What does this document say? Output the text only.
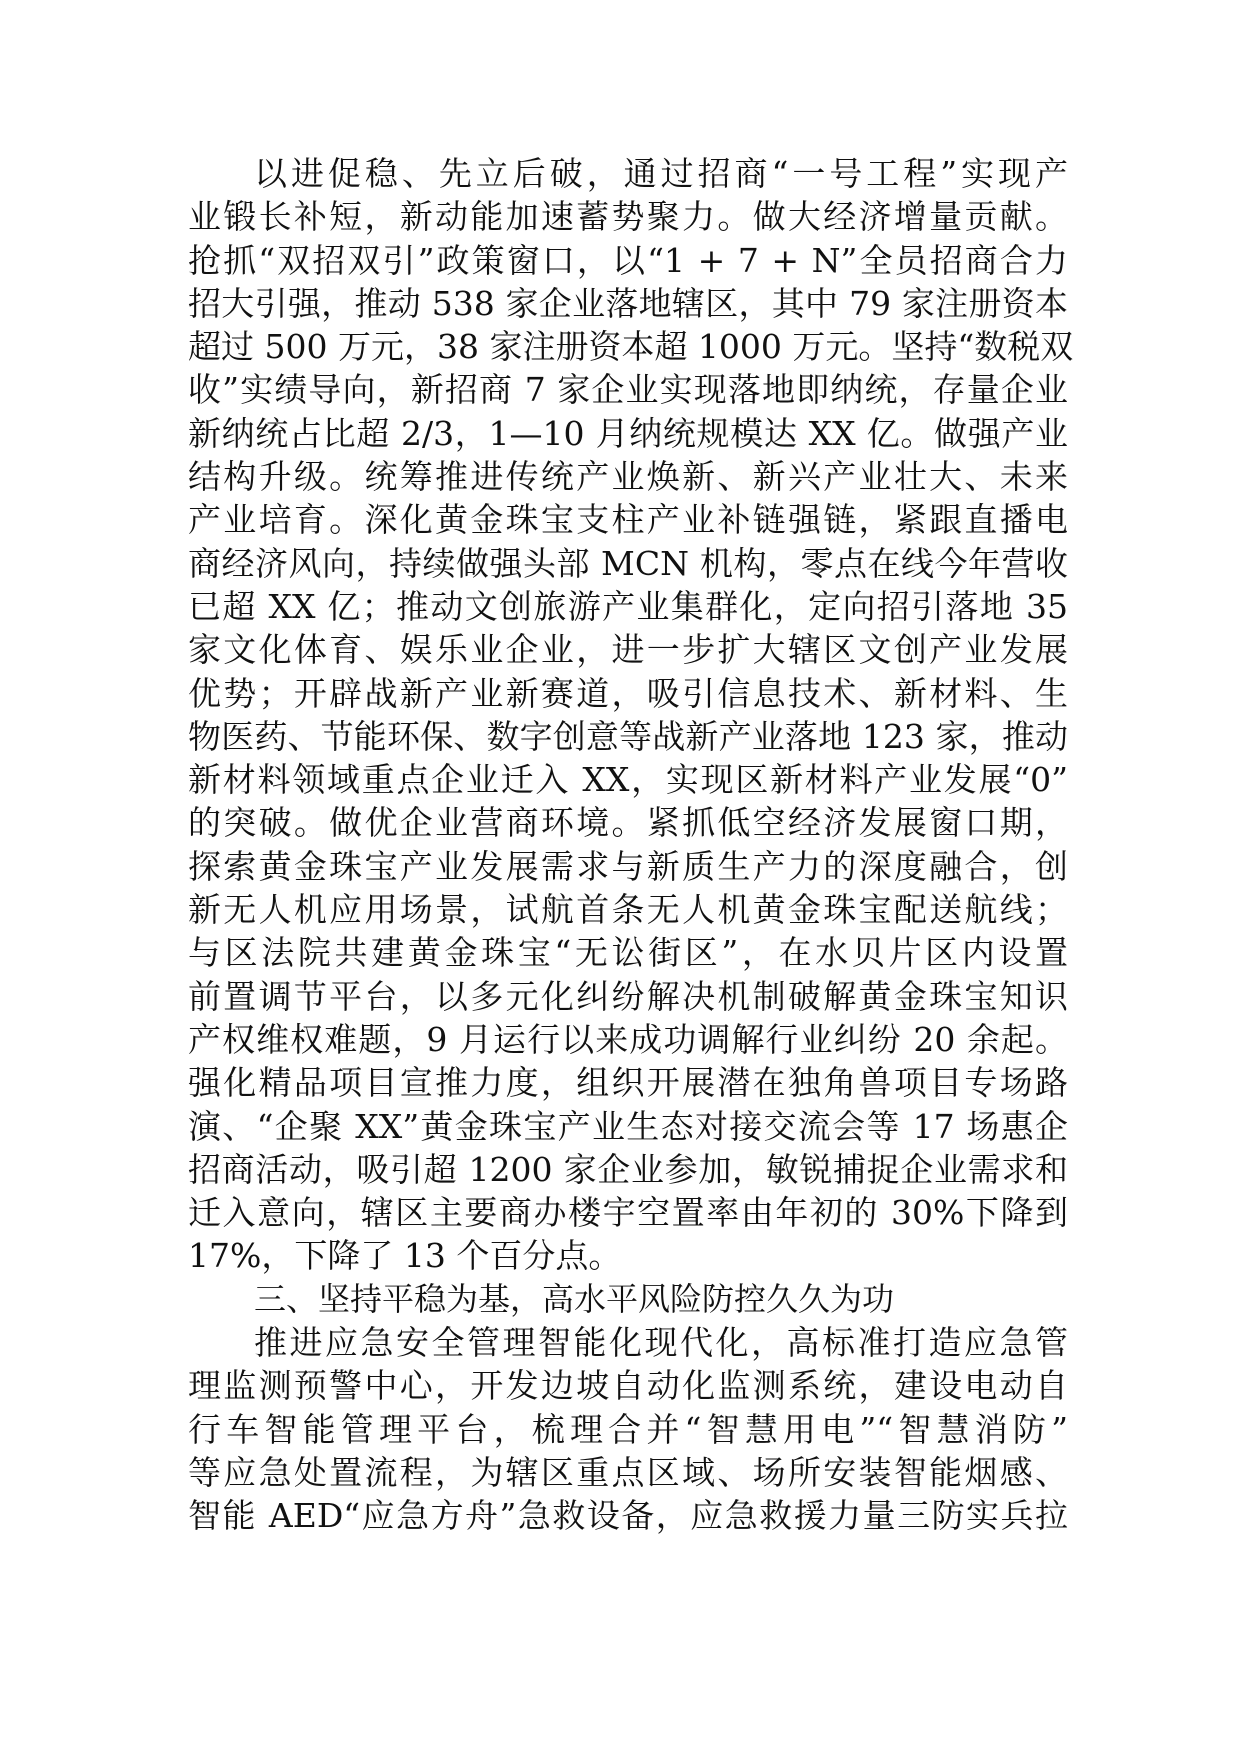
以进促稳、先立后破，通过招商“一号工程”实现产
业锻长补短，新动能加速蓄势聚力。做大经济增量贡献。
抢抓“双招双引”政策窗口，以“1 + 7 + N”全员招商合力
招大引强，推动 538 家企业落地辖区，其中 79 家注册资本
超过 500 万元，38 家注册资本超 1000 万元。坚持“数税双
收”实绩导向，新招商 7 家企业实现落地即纳统，存量企业
新纳统占比超 2/3，1—10 月纳统规模达 XX 亿。做强产业
结构升级。统筹推进传统产业焕新、新兴产业壮大、未来
产业培育。深化黄金珠宝支柱产业补链强链，紧跟直播电
商经济风向，持续做强头部 MCN 机构，零点在线今年营收
已超 XX 亿；推动文创旅游产业集群化，定向招引落地 35
家文化体育、娱乐业企业，进一步扩大辖区文创产业发展
优势；开辟战新产业新赛道，吸引信息技术、新材料、生
物医药、节能环保、数字创意等战新产业落地 123 家，推动
新材料领域重点企业迁入 XX，实现区新材料产业发展“0”
的突破。做优企业营商环境。紧抓低空经济发展窗口期，
探索黄金珠宝产业发展需求与新质生产力的深度融合，创
新无人机应用场景，试航首条无人机黄金珠宝配送航线；
与区法院共建黄金珠宝“无讼街区”，在水贝片区内设置
前置调节平台，以多元化纠纷解决机制破解黄金珠宝知识
产权维权难题，9 月运行以来成功调解行业纠纷 20 余起。
强化精品项目宣推力度，组织开展潜在独角兽项目专场路
演、“企聚 XX”黄金珠宝产业生态对接交流会等 17 场惠企
招商活动，吸引超 1200 家企业参加，敏锐捕捉企业需求和
迁入意向，辖区主要商办楼宇空置率由年初的 30%下降到
17%，下降了 13 个百分点。
三、坚持平稳为基，高水平风险防控久久为功
推进应急安全管理智能化现代化，高标准打造应急管
理监测预警中心，开发边坡自动化监测系统，建设电动自
行车智能管理平台，梳理合并“智慧用电”“智慧消防”
等应急处置流程，为辖区重点区域、场所安装智能烟感、
智能 AED“应急方舟”急救设备，应急救援力量三防实兵拉
